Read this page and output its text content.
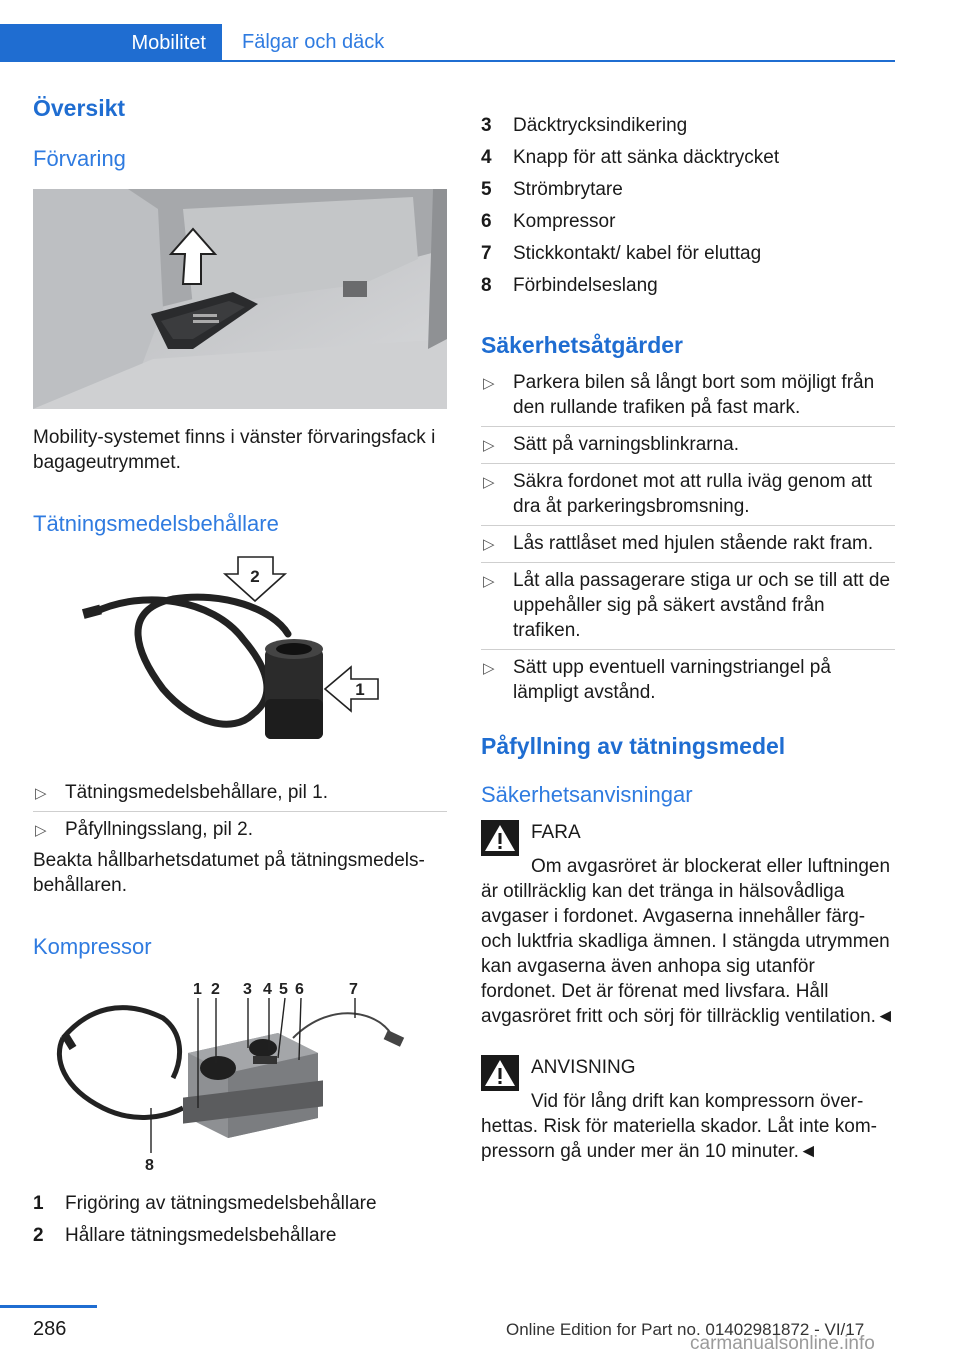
Mobilitet	Fälgar och däck
Översikt
Förvaring

Mobility-systemet finns i vänster förvaringsfack i bagageutrymmet.

Tätningsmedelsbehållare
2
1
▷ Tätningsmedelsbehållare, pil 1.
▷ Påfyllningsslang, pil 2.

Beakta hållbarhetsdatumet på tätningsmedelsbehållaren.

Kompressor
1 2 3 4 5 6	7
8
1	Frigöring av tätningsmedelsbehållare
2	Hållare tätningsmedelsbehållare
3	Däcktrycksindikering
4	Knapp för att sänka däcktrycket
5	Strömbrytare
6	Kompressor
7	Stickkontakt/ kabel för eluttag
8	Förbindelseslang
Säkerhetsåtgärder
▷ Parkera bilen så långt bort som möjligt från den rullande trafiken på fast mark.
▷ Sätt på varningsblinkrarna.
▷ Säkra fordonet mot att rulla iväg genom att dra åt parkeringsbromsning.
▷ Lås rattlåset med hjulen stående rakt fram.
▷ Låt alla passagerare stiga ur och se till att de uppehåller sig på säkert avstånd från trafiken.
▷ Sätt upp eventuell varningstriangel på lämpligt avstånd.
Påfyllning av tätningsmedel
Säkerhetsanvisningar

FARA

Om avgasröret är blockerat eller luftningen är otillräcklig kan det tränga in hälsovådliga avgaser i fordonet. Avgaserna innehåller färg- och luktfria skadliga ämnen. I stängda utrymmen kan avgaserna även anhopa sig utanför fordonet. Det är förenat med livsfara. Håll avgasröret fritt och sörj för tillräcklig ventilation.◄

ANVISNING

Vid för lång drift kan kompressorn överhettas. Risk för materiella skador. Låt inte kompressorn gå under mer än 10 minuter.◄

286	Online Edition for Part no. 01402981872 - VI/17
carmanualsonline.info
